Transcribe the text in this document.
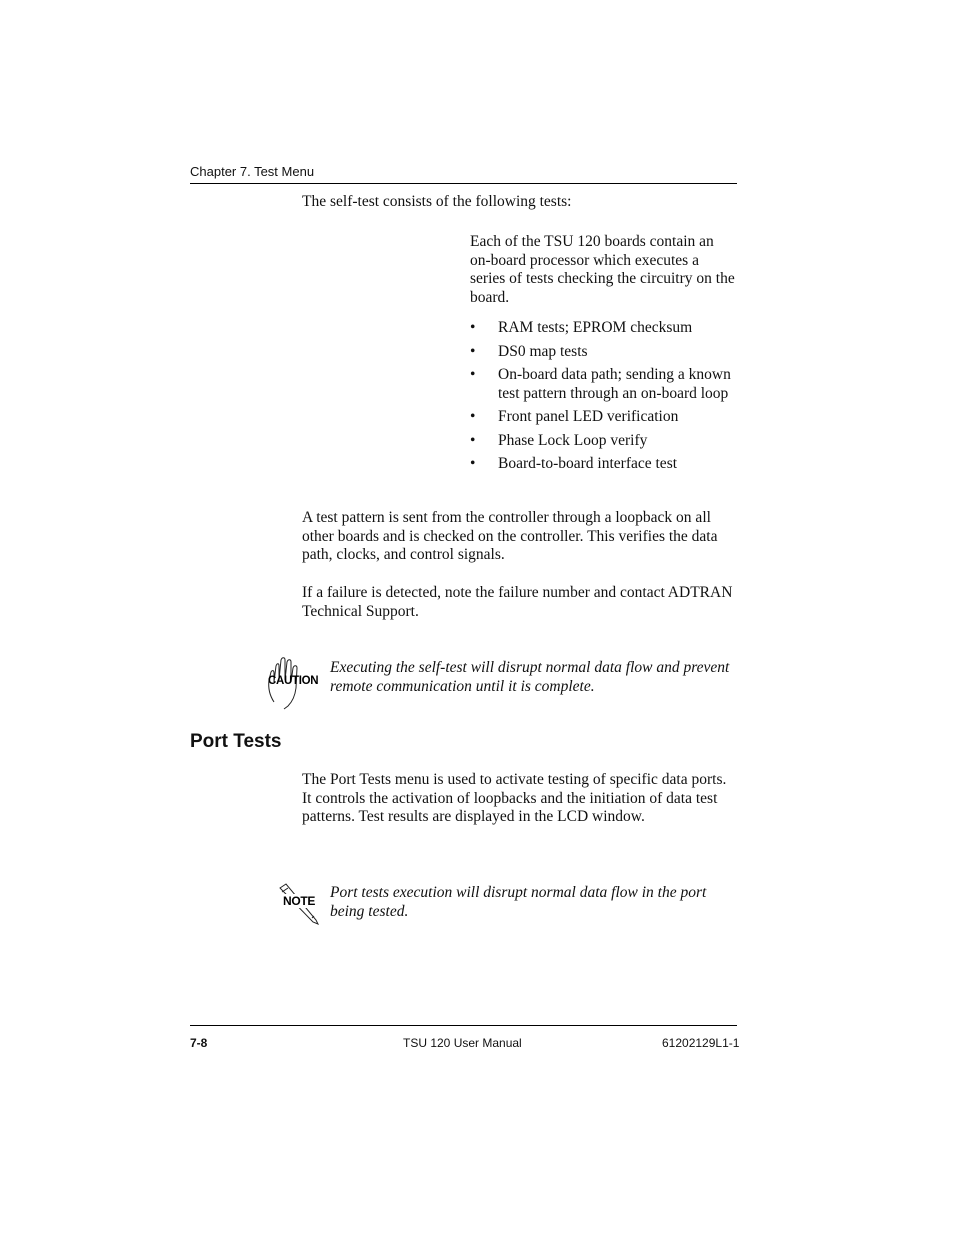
Chapter 7. Test Menu
The self-test consists of the following tests:
Each of the TSU 120 boards contain an on-board processor which executes a series of tests checking the circuitry on the board.
• RAM tests; EPROM checksum
• DS0 map tests
• On-board data path; sending a known test pattern through an on-board loop
• Front panel LED verification
• Phase Lock Loop verify
• Board-to-board interface test
A test pattern is sent from the controller through a loopback on all other boards and is checked on the controller. This verifies the data path, clocks, and control signals.
If a failure is detected, note the failure number and contact ADTRAN Technical Support.
CAUTION
Executing the self-test will disrupt normal data flow and prevent remote communication until it is complete.
Port Tests
The Port Tests menu is used to activate testing of specific data ports. It controls the activation of loopbacks and the initiation of data test patterns. Test results are displayed in the LCD window.
NOTE Port tests execution will disrupt normal data flow in the port being tested.
7-8	TSU 120 User Manual	61202129L1-1
